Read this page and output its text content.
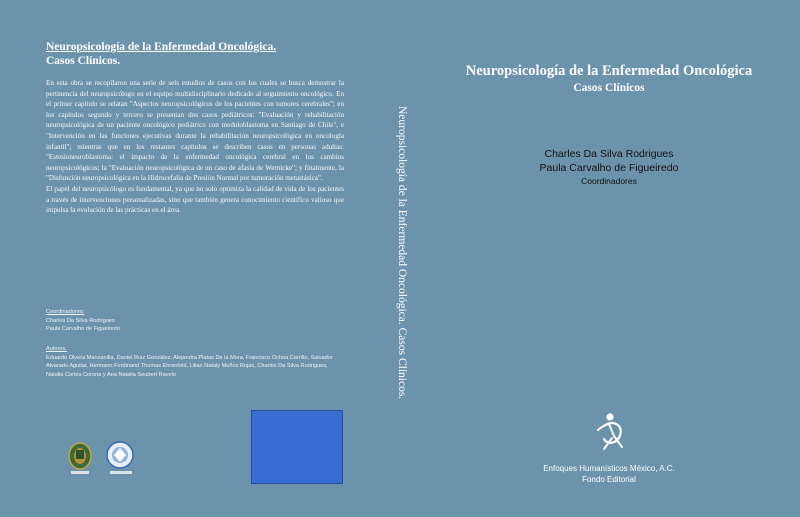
Neuropsicología de la Enfermedad Oncológica.
Casos Clínicos.

En esta obra se recopilaron una serie de seis estudios de casos con los cuales se busca demostrar la pertinencia del neuropsicólogo en el equipo multidisciplinario dedicado al seguimiento oncológico. En el primer capítulo se relatan "Aspectos neuropsicológicos de los pacientes con tumores cerebrales"; en los capítulos segundo y tercero se presentan dos casos pediátricos: "Evaluación y rehabilitación neuropsicológica de un paciente oncológico pediátrico con meduloblastoma en Santiago de Chile", e "Intervención en las funciones ejecutivas durante la rehabilitación neuropsicológica en oncología infantil"; mientras que en los restantes capítulos se describen casos en personas adultas: "Estesioneuroblastoma: el impacto de la enfermedad oncológica cerebral en los cambios neuropsicológicos; la "Evaluación neuropsicológica de un caso de afasia de Wernicke"; y finalmente, la "Disfunción neuropsicológica en la Hidrocefalia de Presión Normal por tumoración metastásica".

El papel del neuropsicólogo es fundamental, ya que no solo optimiza la calidad de vida de los pacientes a través de intervenciones personalizadas, sino que también genera conocimiento científico valioso que impulsa la evolución de las prácticas en el área.

Coordinadores:
Charles Da Silva Rodrigues
Paula Carvalho de Figueiredo
Autores:
Eduardo Olvera Manzanilla, Daniel Ruiz González, Alejandra Platas De la Mora, Francisco Ochoa Carrillo, Salvador Alvarado Aguilar, Hermann Ferdinand Thomas Ehrenfeld, Lilian Nataly Muñoz Rojas, Charles Da Silva Rodrigues, Natalia Cortés Corona y Ana Natalia Seubert Ravelo	Neuropsicología de la Enfermedad Oncológica. Casos Clínicos.
Neuropsicología de la Enfermedad Oncológica
Casos Clínicos
Charles Da Silva Rodrigues
Paula Carvalho de Figueiredo
Coordinadores
Enfoques Humanísticos México, A.C.
Fondo Editorial
